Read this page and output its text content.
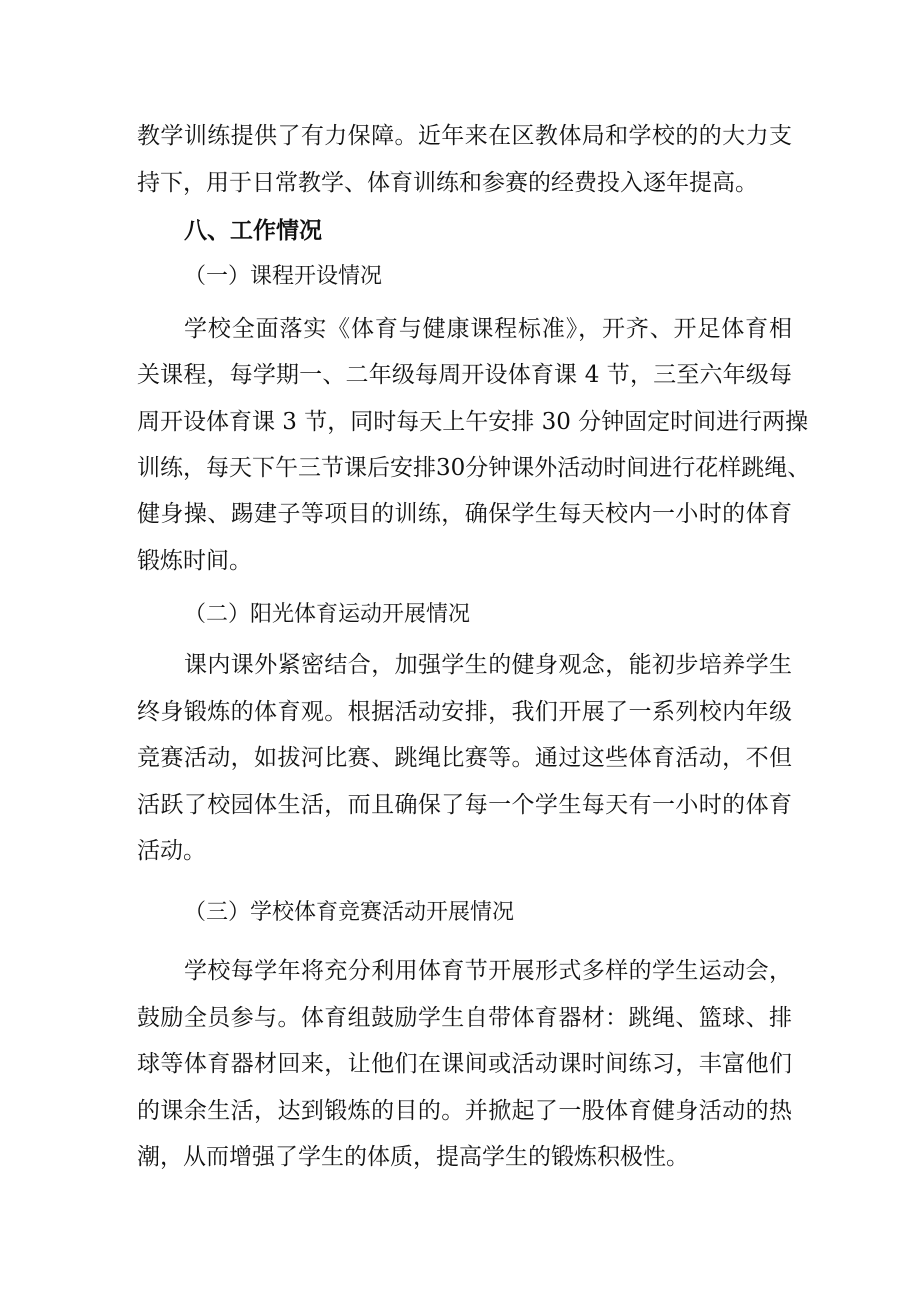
教学训练提供了有力保障。近年来在区教体局和学校的的大力支
持下，用于日常教学、体育训练和参赛的经费投入逐年提高。
八、工作情况
（一）课程开设情况
学校全面落实《体育与健康课程标准》，开齐、开足体育相
关课程，每学期一、二年级每周开设体育课 4 节，三至六年级每
周开设体育课 3 节，同时每天上午安排 30 分钟固定时间进行两操
训练，每天下午三节课后安排30分钟课外活动时间进行花样跳绳、
健身操、踢建子等项目的训练，确保学生每天校内一小时的体育
锻炼时间。
（二）阳光体育运动开展情况
课内课外紧密结合，加强学生的健身观念，能初步培养学生
终身锻炼的体育观。根据活动安排，我们开展了一系列校内年级
竞赛活动，如拔河比赛、跳绳比赛等。通过这些体育活动，不但
活跃了校园体生活，而且确保了每一个学生每天有一小时的体育
活动。
（三）学校体育竞赛活动开展情况
学校每学年将充分利用体育节开展形式多样的学生运动会，
鼓励全员参与。体育组鼓励学生自带体育器材：跳绳、篮球、排
球等体育器材回来，让他们在课间或活动课时间练习，丰富他们
的课余生活，达到锻炼的目的。并掀起了一股体育健身活动的热
潮，从而增强了学生的体质，提高学生的锻炼积极性。
